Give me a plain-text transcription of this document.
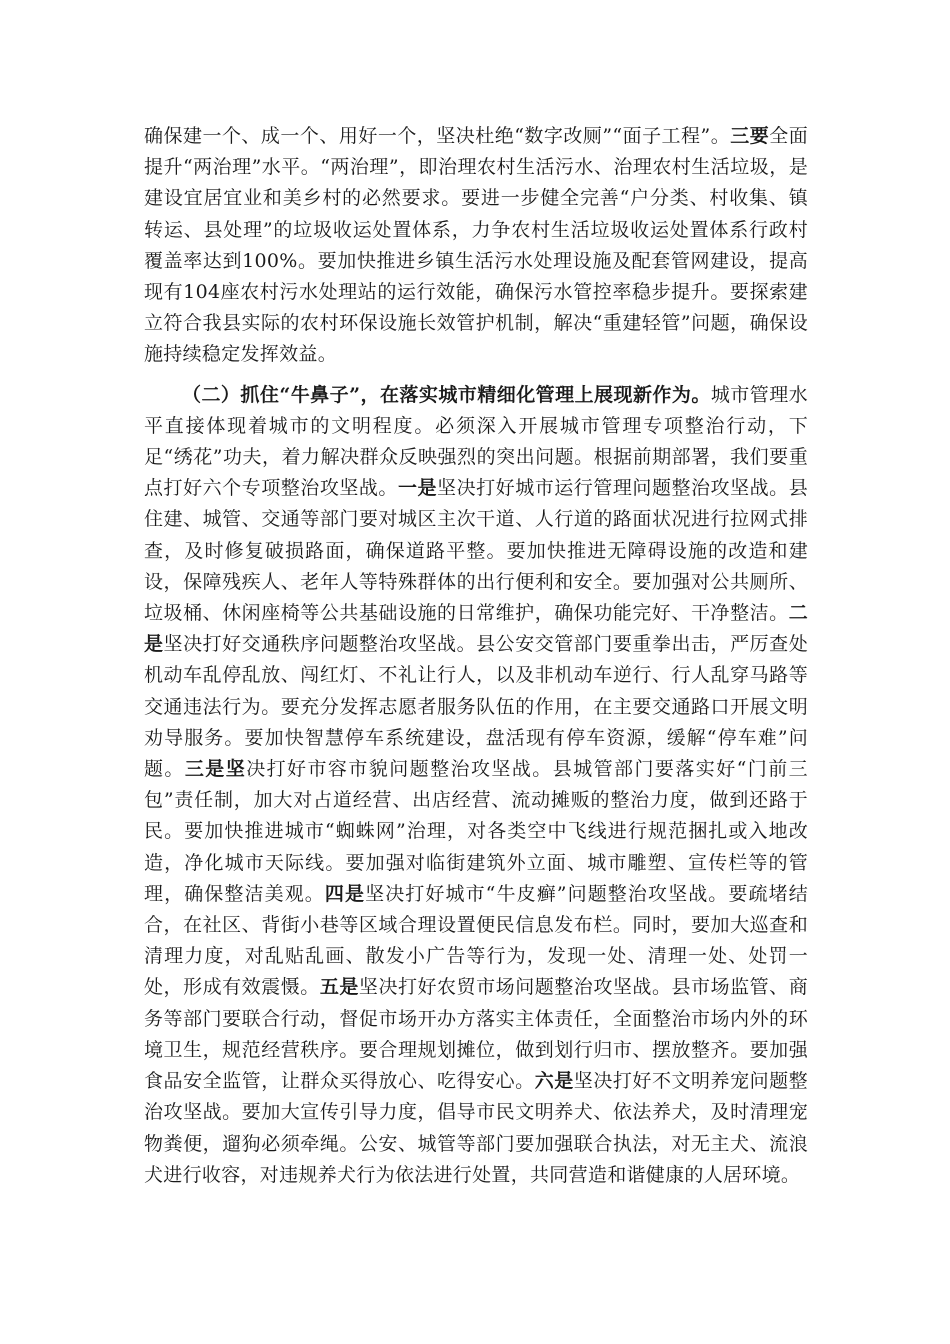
确保建一个、成一个、用好一个，坚决杜绝“数字改厕”“面子工程”。三要全面提升“两治理”水平。“两治理”，即治理农村生活污水、治理农村生活垃圾，是建设宜居宜业和美乡村的必然要求。要进一步健全完善“户分类、村收集、镇转运、县处理”的垃圾收运处置体系，力争农村生活垃圾收运处置体系行政村覆盖率达到100%。要加快推进乡镇生活污水处理设施及配套管网建设，提高现有104座农村污水处理站的运行效能，确保污水管控率稳步提升。要探索建立符合我县实际的农村环保设施长效管护机制，解决“重建轻管”问题，确保设施持续稳定发挥效益。

（二）抓住“牛鼻子”，在落实城市精细化管理上展现新作为。城市管理水平直接体现着城市的文明程度。必须深入开展城市管理专项整治行动，下足“绣花”功夫，着力解决群众反映强烈的突出问题。根据前期部署，我们要重点打好六个专项整治攻坚战。一是坚决打好城市运行管理问题整治攻坚战。县住建、城管、交通等部门要对城区主次干道、人行道的路面状况进行拉网式排查，及时修复破损路面，确保道路平整。要加快推进无障碍设施的改造和建设，保障残疾人、老年人等特殊群体的出行便利和安全。要加强对公共厕所、垃圾桶、休闲座椅等公共基础设施的日常维护，确保功能完好、干净整洁。二是坚决打好交通秩序问题整治攻坚战。县公安交管部门要重拳出击，严厉查处机动车乱停乱放、闯红灯、不礼让行人，以及非机动车逆行、行人乱穿马路等交通违法行为。要充分发挥志愿者服务队伍的作用，在主要交通路口开展文明劝导服务。要加快智慧停车系统建设，盘活现有停车资源，缓解“停车难”问题。三是坚决打好市容市貌问题整治攻坚战。县城管部门要落实好“门前三包”责任制，加大对占道经营、出店经营、流动摊贩的整治力度，做到还路于民。要加快推进城市“蜘蛛网”治理，对各类空中飞线进行规范捆扎或入地改造，净化城市天际线。要加强对临街建筑外立面、城市雕塑、宣传栏等的管理，确保整洁美观。四是坚决打好城市“牛皮癣”问题整治攻坚战。要疏堵结合，在社区、背街小巷等区域合理设置便民信息发布栏。同时，要加大巡查和清理力度，对乱贴乱画、散发小广告等行为，发现一处、清理一处、处罚一处，形成有效震慑。五是坚决打好农贸市场问题整治攻坚战。县市场监管、商务等部门要联合行动，督促市场开办方落实主体责任，全面整治市场内外的环境卫生，规范经营秩序。要合理规划摊位，做到划行归市、摆放整齐。要加强食品安全监管，让群众买得放心、吃得安心。六是坚决打好不文明养宠问题整治攻坚战。要加大宣传引导力度，倡导市民文明养犬、依法养犬，及时清理宠物粪便，遛狗必须牵绳。公安、城管等部门要加强联合执法，对无主犬、流浪犬进行收容，对违规养犬行为依法进行处置，共同营造和谐健康的人居环境。
